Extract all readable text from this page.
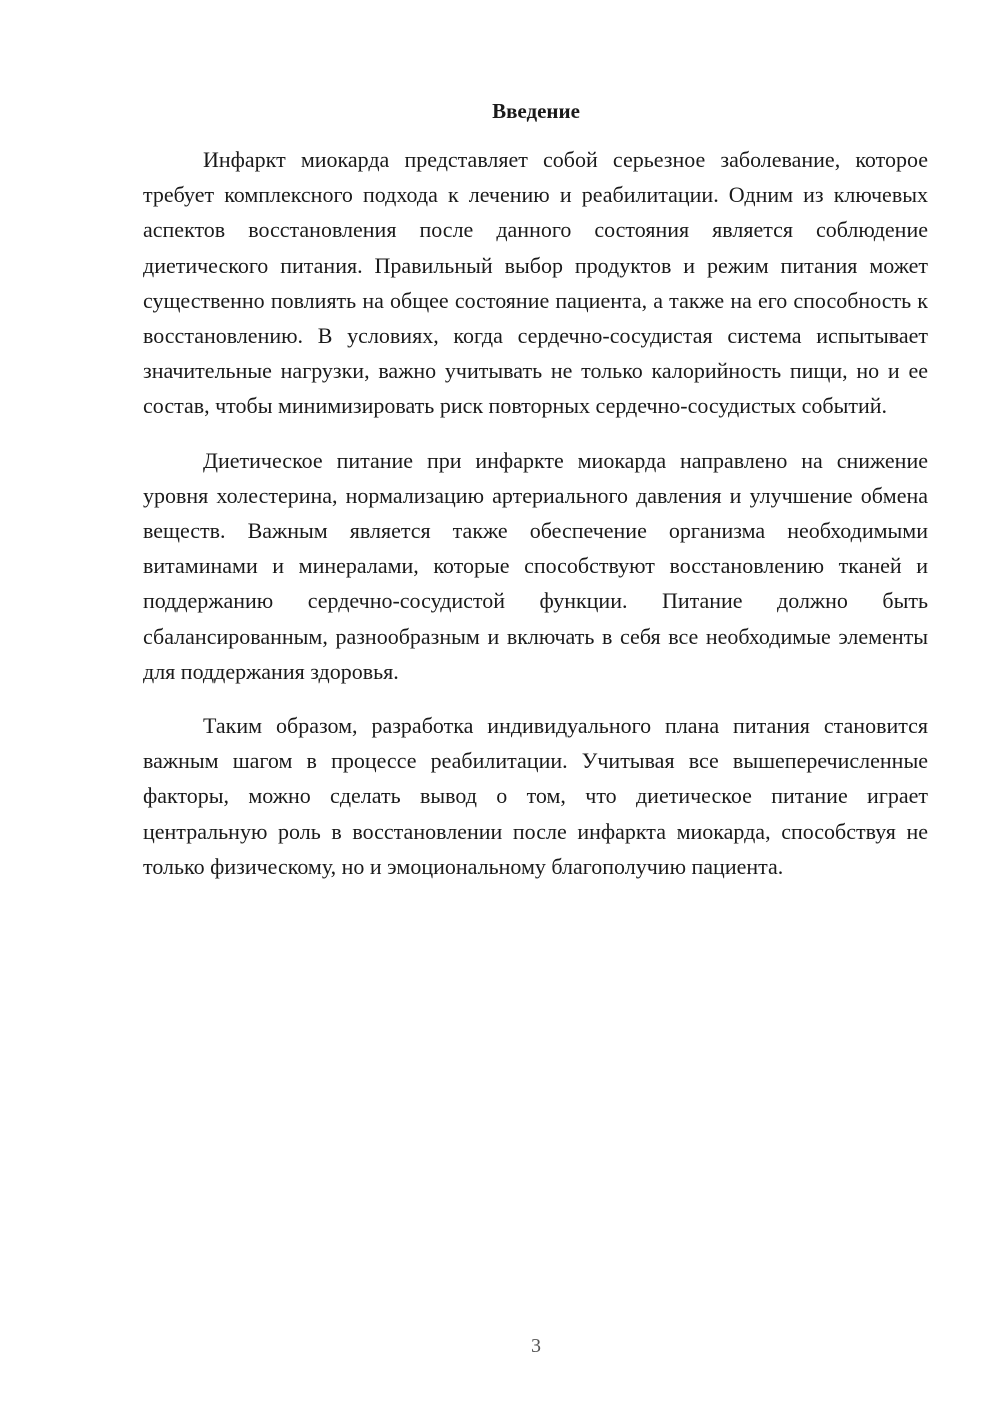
Введение

Инфаркт миокарда представляет собой серьезное заболевание, которое требует комплексного подхода к лечению и реабилитации. Одним из ключевых аспектов восстановления после данного состояния является соблюдение диетического питания. Правильный выбор продуктов и режим питания может существенно повлиять на общее состояние пациента, а также на его способность к восстановлению. В условиях, когда сердечно-сосудистая система испытывает значительные нагрузки, важно учитывать не только калорийность пищи, но и ее состав, чтобы минимизировать риск повторных сердечно-сосудистых событий.

Диетическое питание при инфаркте миокарда направлено на снижение уровня холестерина, нормализацию артериального давления и улучшение обмена веществ. Важным является также обеспечение организма необходимыми витаминами и минералами, которые способствуют восстановлению тканей и поддержанию сердечно-сосудистой функции. Питание должно быть сбалансированным, разнообразным и включать в себя все необходимые элементы для поддержания здоровья.

Таким образом, разработка индивидуального плана питания становится важным шагом в процессе реабилитации. Учитывая все вышеперечисленные факторы, можно сделать вывод о том, что диетическое питание играет центральную роль в восстановлении после инфаркта миокарда, способствуя не только физическому, но и эмоциональному благополучию пациента.

3
